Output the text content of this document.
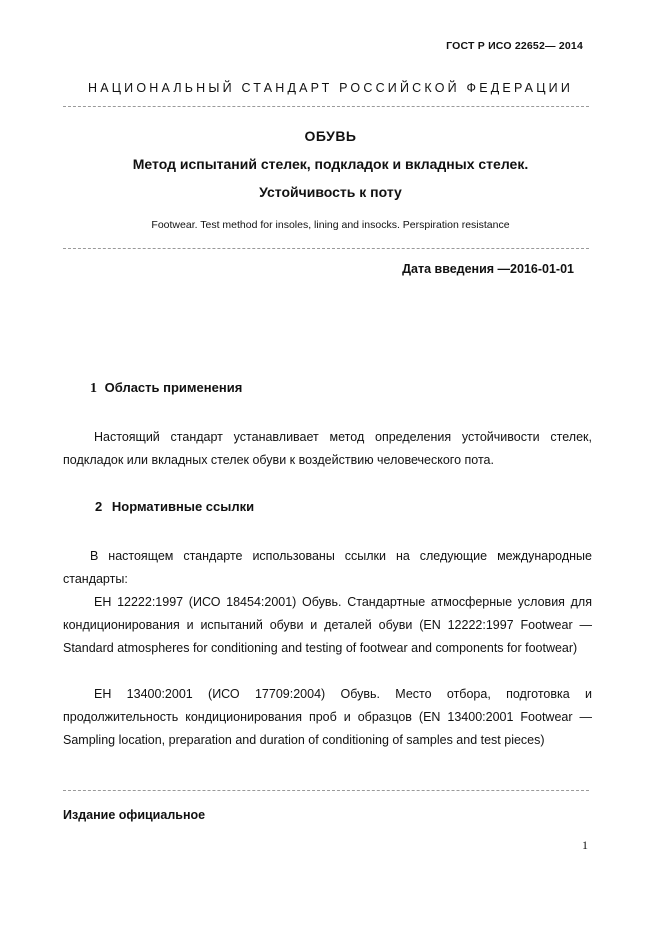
ГОСТ Р ИСО 22652— 2014
НАЦИОНАЛЬНЫЙ СТАНДАРТ РОССИЙСКОЙ ФЕДЕРАЦИИ
ОБУВЬ
Метод испытаний стелек, подкладок и вкладных стелек.
Устойчивость к поту
Footwear. Test method for insoles, lining and insocks. Perspiration resistance
Дата введения —2016-01-01
1 Область применения
Настоящий стандарт устанавливает метод определения устойчивости стелек, подкладок или вкладных стелек обуви к воздействию человеческого пота.
2 Нормативные ссылки
В настоящем стандарте использованы ссылки на следующие международные стандарты:
ЕН 12222:1997 (ИСО 18454:2001) Обувь. Стандартные атмосферные условия для кондиционирования и испытаний обуви и деталей обуви (EN 12222:1997 Footwear — Standard atmospheres for conditioning and testing of footwear and components for footwear)
ЕН 13400:2001 (ИСО 17709:2004) Обувь. Место отбора, подготовка и продолжительность кондиционирования проб и образцов (EN 13400:2001 Footwear — Sampling location, preparation and duration of conditioning of samples and test pieces)
Издание официальное
1
